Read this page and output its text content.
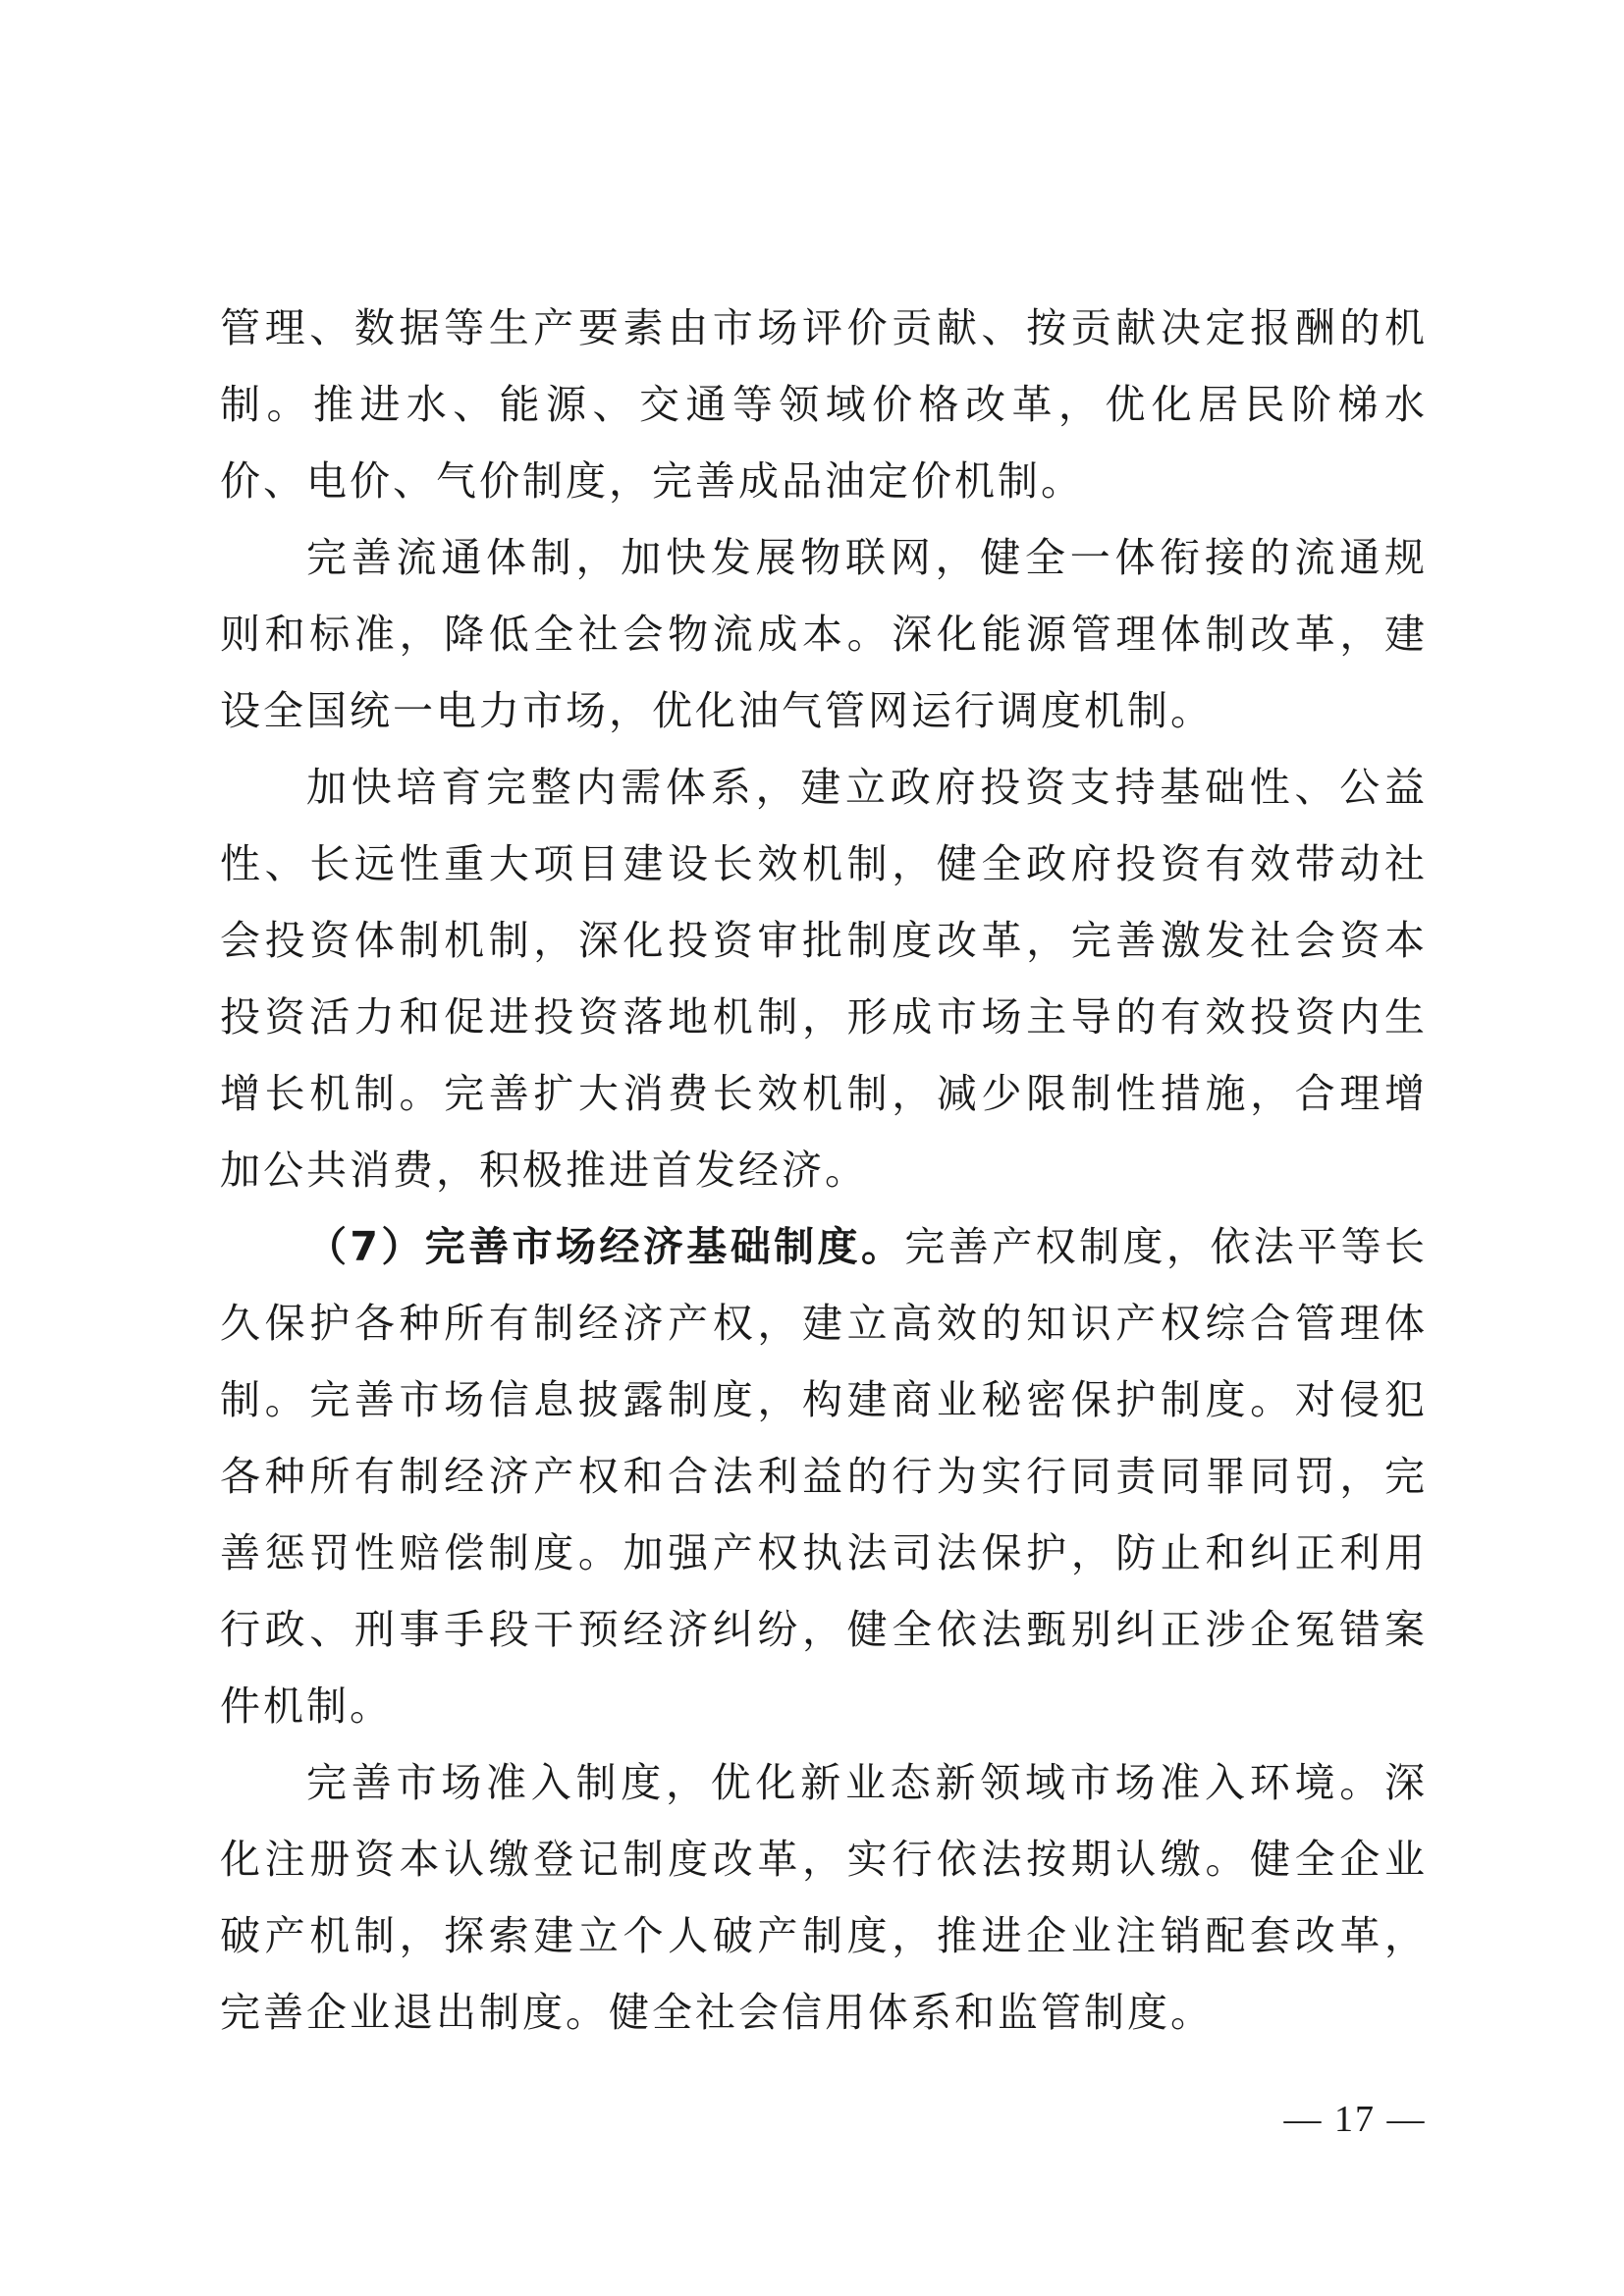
管理、数据等生产要素由市场评价贡献、按贡献决定报酬的机制。推进水、能源、交通等领域价格改革，优化居民阶梯水价、电价、气价制度，完善成品油定价机制。

完善流通体制，加快发展物联网，健全一体衔接的流通规则和标准，降低全社会物流成本。深化能源管理体制改革，建设全国统一电力市场，优化油气管网运行调度机制。

加快培育完整内需体系，建立政府投资支持基础性、公益性、长远性重大项目建设长效机制，健全政府投资有效带动社会投资体制机制，深化投资审批制度改革，完善激发社会资本投资活力和促进投资落地机制，形成市场主导的有效投资内生增长机制。完善扩大消费长效机制，减少限制性措施，合理增加公共消费，积极推进首发经济。

（7）完善市场经济基础制度。完善产权制度，依法平等长久保护各种所有制经济产权，建立高效的知识产权综合管理体制。完善市场信息披露制度，构建商业秘密保护制度。对侵犯各种所有制经济产权和合法利益的行为实行同责同罪同罚，完善惩罚性赔偿制度。加强产权执法司法保护，防止和纠正利用行政、刑事手段干预经济纠纷，健全依法甄别纠正涉企冤错案件机制。

完善市场准入制度，优化新业态新领域市场准入环境。深化注册资本认缴登记制度改革，实行依法按期认缴。健全企业破产机制，探索建立个人破产制度，推进企业注销配套改革，完善企业退出制度。健全社会信用体系和监管制度。

— 17 —
